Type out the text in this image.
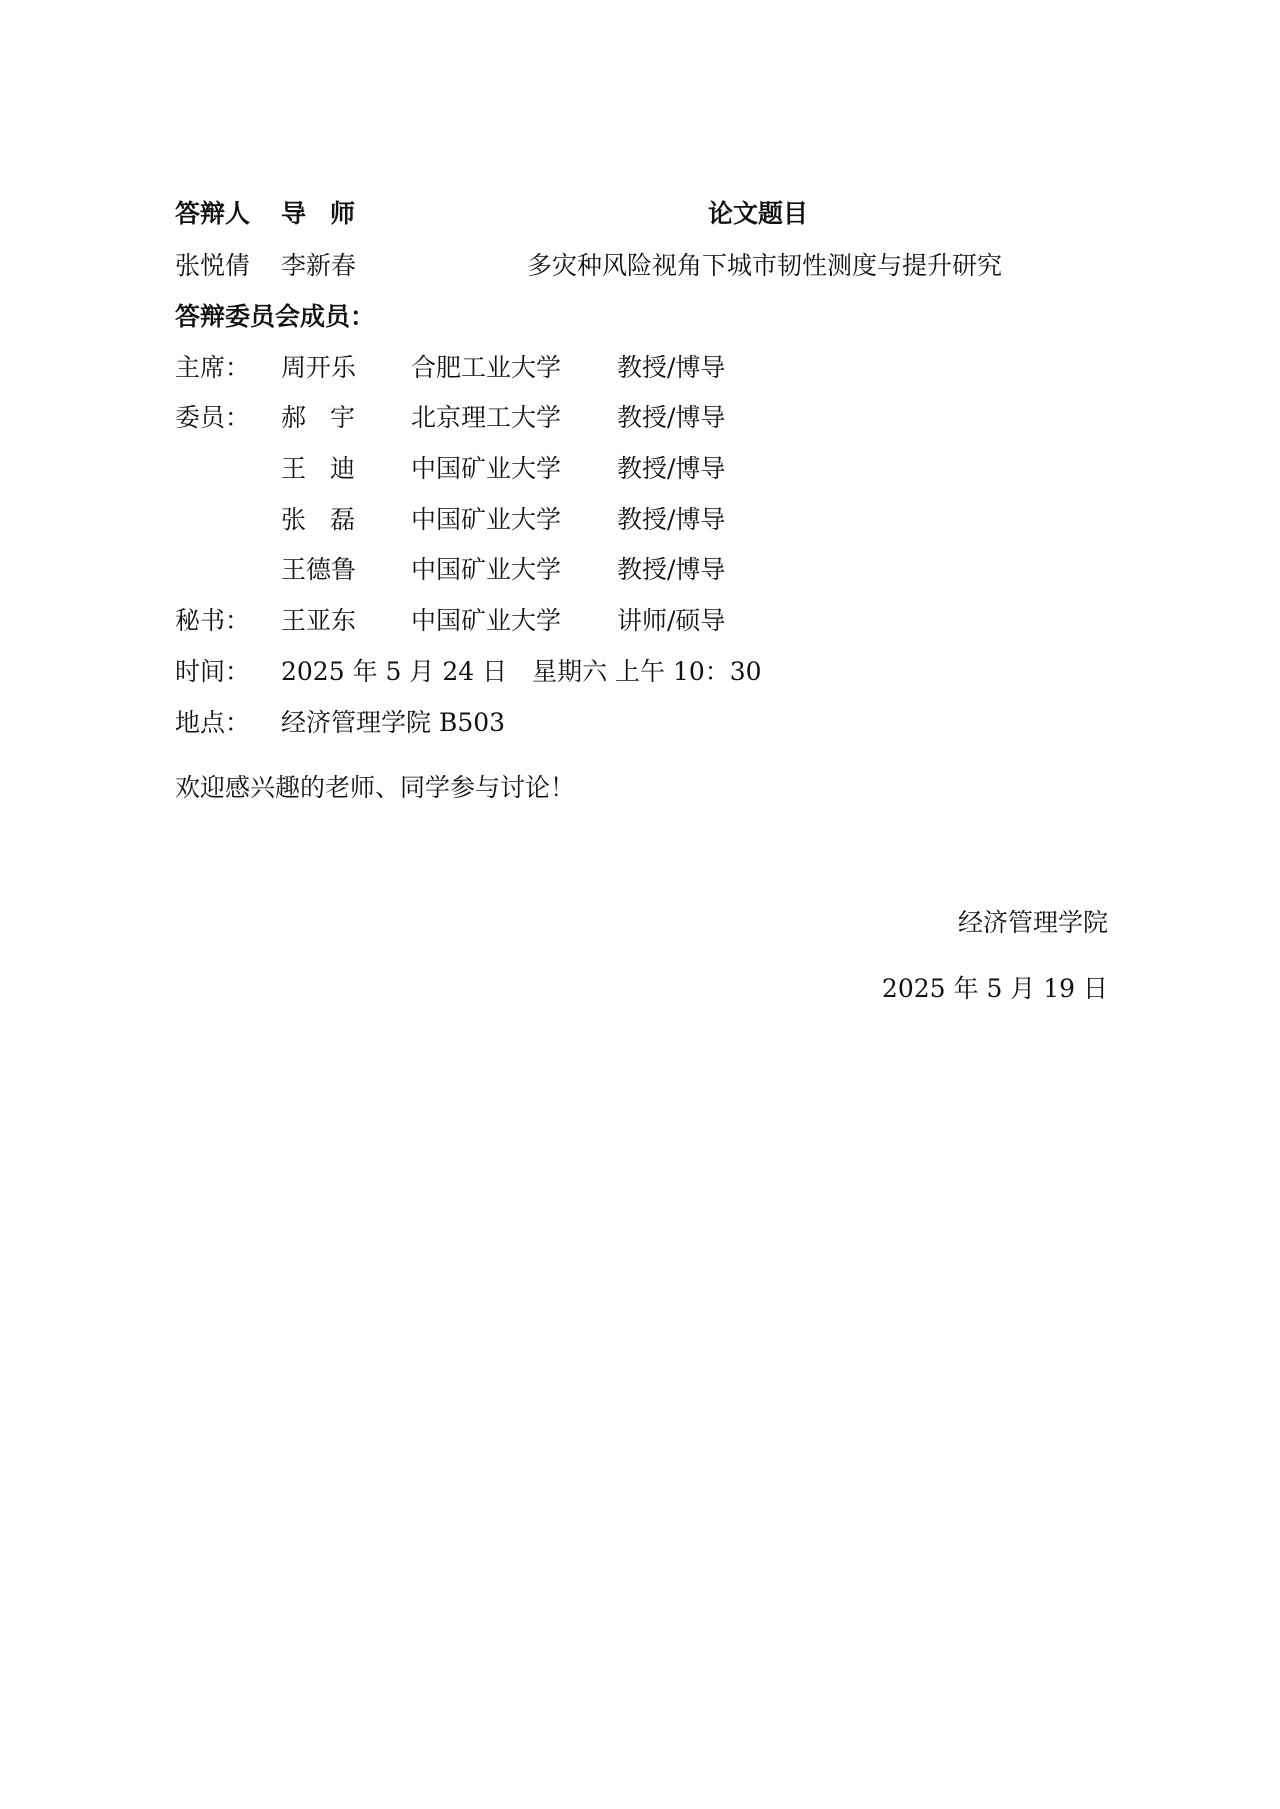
答辩人 导师	论文题目
张悦倩 李新春	多灾种风险视角下城市韧性测度与提升研究
答辩委员会成员：
主席： 周开乐 合肥工业大学 教授/博导
委员： 郝宇 北京理工大学 教授/博导
王迪 中国矿业大学 教授/博导
张磊 中国矿业大学 教授/博导
王德鲁 中国矿业大学 教授/博导
秘书： 王亚东 中国矿业大学 讲师/硕导
时间： 2025 年 5 月 24 日　星期六 上午 10：30
地点： 经济管理学院 B503
欢迎感兴趣的老师、同学参与讨论！
经济管理学院
2025 年 5 月 19 日
